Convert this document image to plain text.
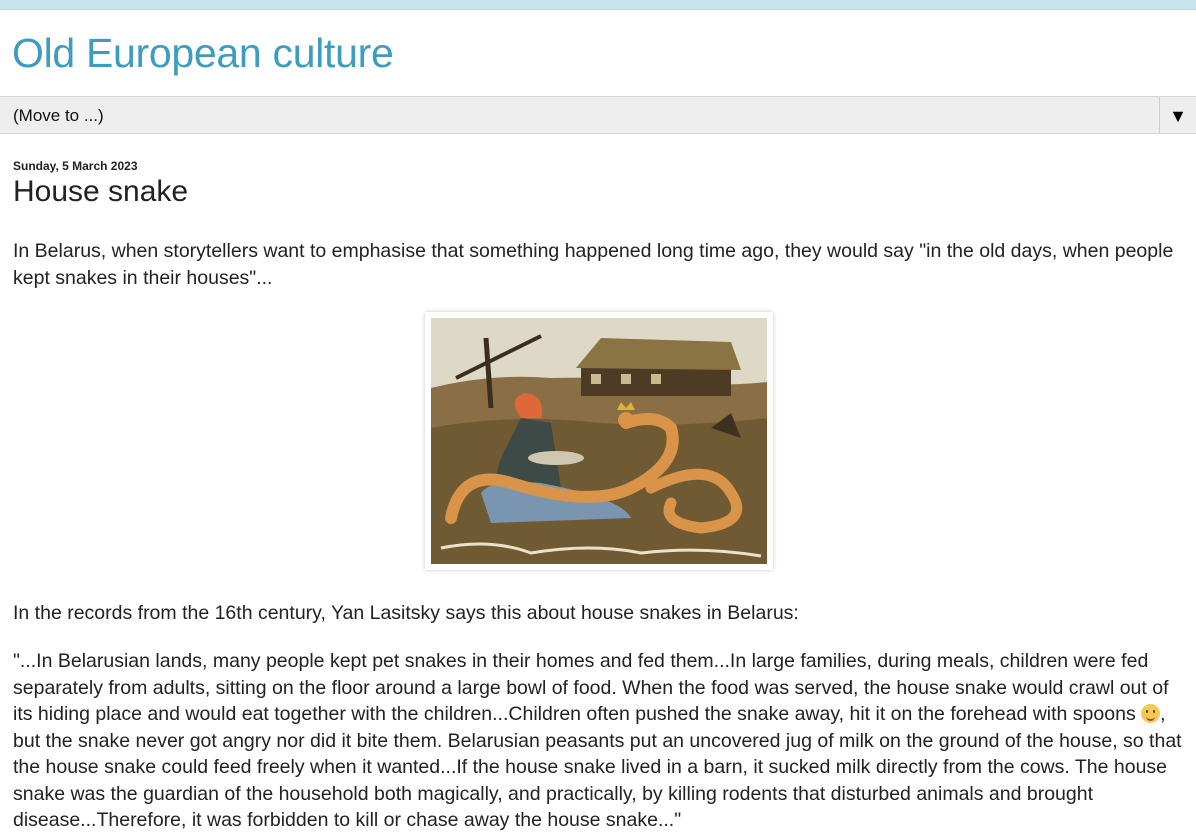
Old European culture
(Move to ...)	▼
Sunday, 5 March 2023
House snake

In Belarus, when storytellers want to emphasise that something happened long time ago, they would say "in the old days, when people kept snakes in their houses"...

In the records from the 16th century, Yan Lasitsky says this about house snakes in Belarus:

"...In Belarusian lands, many people kept pet snakes in their homes and fed them...In large families, during meals, children were fed separately from adults, sitting on the floor around a large bowl of food. When the food was served, the house snake would crawl out of its hiding place and would eat together with the children...Children often pushed the snake away, hit it on the forehead with spoons , but the snake never got angry nor did it bite them. Belarusian peasants put an uncovered jug of milk on the ground of the house, so that the house snake could feed freely when it wanted...If the house snake lived in a barn, it sucked milk directly from the cows. The house snake was the guardian of the household both magically, and practically, by killing rodents that disturbed animals and brought disease...Therefore, it was forbidden to kill or chase away the house snake..."
